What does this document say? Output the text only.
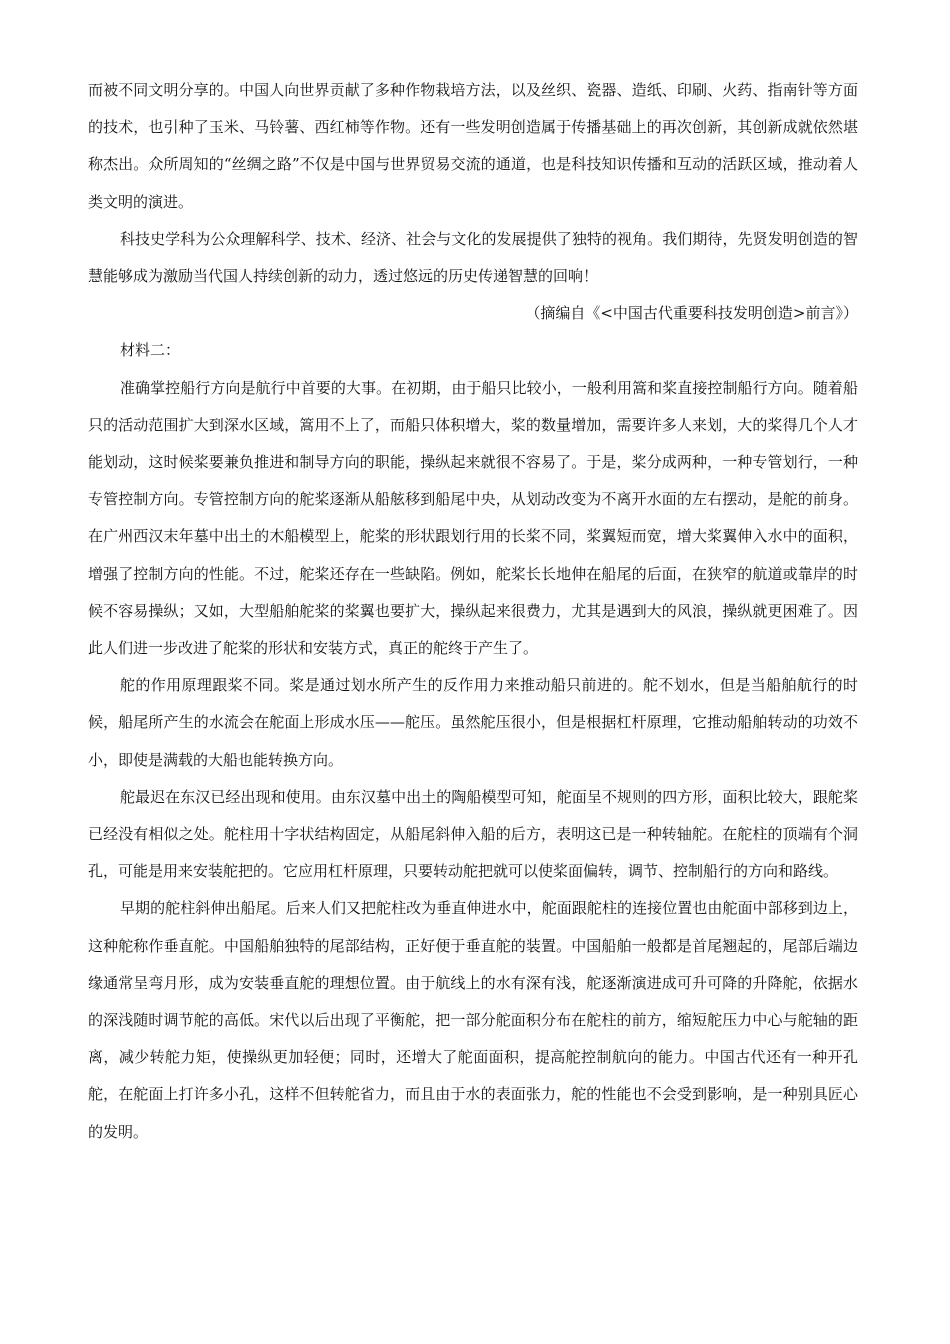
而被不同文明分享的。中国人向世界贡献了多种作物栽培方法，以及丝织、瓷器、造纸、印刷、火药、指南针等方面的技术，也引种了玉米、马铃薯、西红柿等作物。还有一些发明创造属于传播基础上的再次创新，其创新成就依然堪称杰出。众所周知的“丝绸之路”不仅是中国与世界贸易交流的通道，也是科技知识传播和互动的活跃区域，推动着人类文明的演进。

科技史学科为公众理解科学、技术、经济、社会与文化的发展提供了独特的视角。我们期待，先贤发明创造的智慧能够成为激励当代国人持续创新的动力，透过悠远的历史传递智慧的回响！

（摘编自《<中国古代重要科技发明创造>前言》）

材料二：

准确掌控船行方向是航行中首要的大事。在初期，由于船只比较小，一般利用篙和桨直接控制船行方向。随着船只的活动范围扩大到深水区域，篙用不上了，而船只体积增大，桨的数量增加，需要许多人来划，大的桨得几个人才能划动，这时候桨要兼负推进和制导方向的职能，操纵起来就很不容易了。于是，桨分成两种，一种专管划行，一种专管控制方向。专管控制方向的舵桨逐渐从船舷移到船尾中央，从划动改变为不离开水面的左右摆动，是舵的前身。在广州西汉末年墓中出土的木船模型上，舵桨的形状跟划行用的长桨不同，桨翼短而宽，增大桨翼伸入水中的面积，增强了控制方向的性能。不过，舵桨还存在一些缺陷。例如，舵桨长长地伸在船尾的后面，在狭窄的航道或靠岸的时候不容易操纵；又如，大型船舶舵桨的桨翼也要扩大，操纵起来很费力，尤其是遇到大的风浪，操纵就更困难了。因此人们进一步改进了舵桨的形状和安装方式，真正的舵终于产生了。

舵的作用原理跟桨不同。桨是通过划水所产生的反作用力来推动船只前进的。舵不划水，但是当船舶航行的时候，船尾所产生的水流会在舵面上形成水压——舵压。虽然舵压很小，但是根据杠杆原理，它推动船舶转动的功效不小，即使是满载的大船也能转换方向。

舵最迟在东汉已经出现和使用。由东汉墓中出土的陶船模型可知，舵面呈不规则的四方形，面积比较大，跟舵桨已经没有相似之处。舵柱用十字状结构固定，从船尾斜伸入船的后方，表明这已是一种转轴舵。在舵柱的顶端有个洞孔，可能是用来安装舵把的。它应用杠杆原理，只要转动舵把就可以使桨面偏转，调节、控制船行的方向和路线。

早期的舵柱斜伸出船尾。后来人们又把舵柱改为垂直伸进水中，舵面跟舵柱的连接位置也由舵面中部移到边上，这种舵称作垂直舵。中国船舶独特的尾部结构，正好便于垂直舵的装置。中国船舶一般都是首尾翘起的，尾部后端边缘通常呈弯月形，成为安装垂直舵的理想位置。由于航线上的水有深有浅，舵逐渐演进成可升可降的升降舵，依据水的深浅随时调节舵的高低。宋代以后出现了平衡舵，把一部分舵面积分布在舵柱的前方，缩短舵压力中心与舵轴的距离，减少转舵力矩，使操纵更加轻便；同时，还增大了舵面面积，提高舵控制航向的能力。中国古代还有一种开孔舵，在舵面上打许多小孔，这样不但转舵省力，而且由于水的表面张力，舵的性能也不会受到影响，是一种别具匠心的发明。
